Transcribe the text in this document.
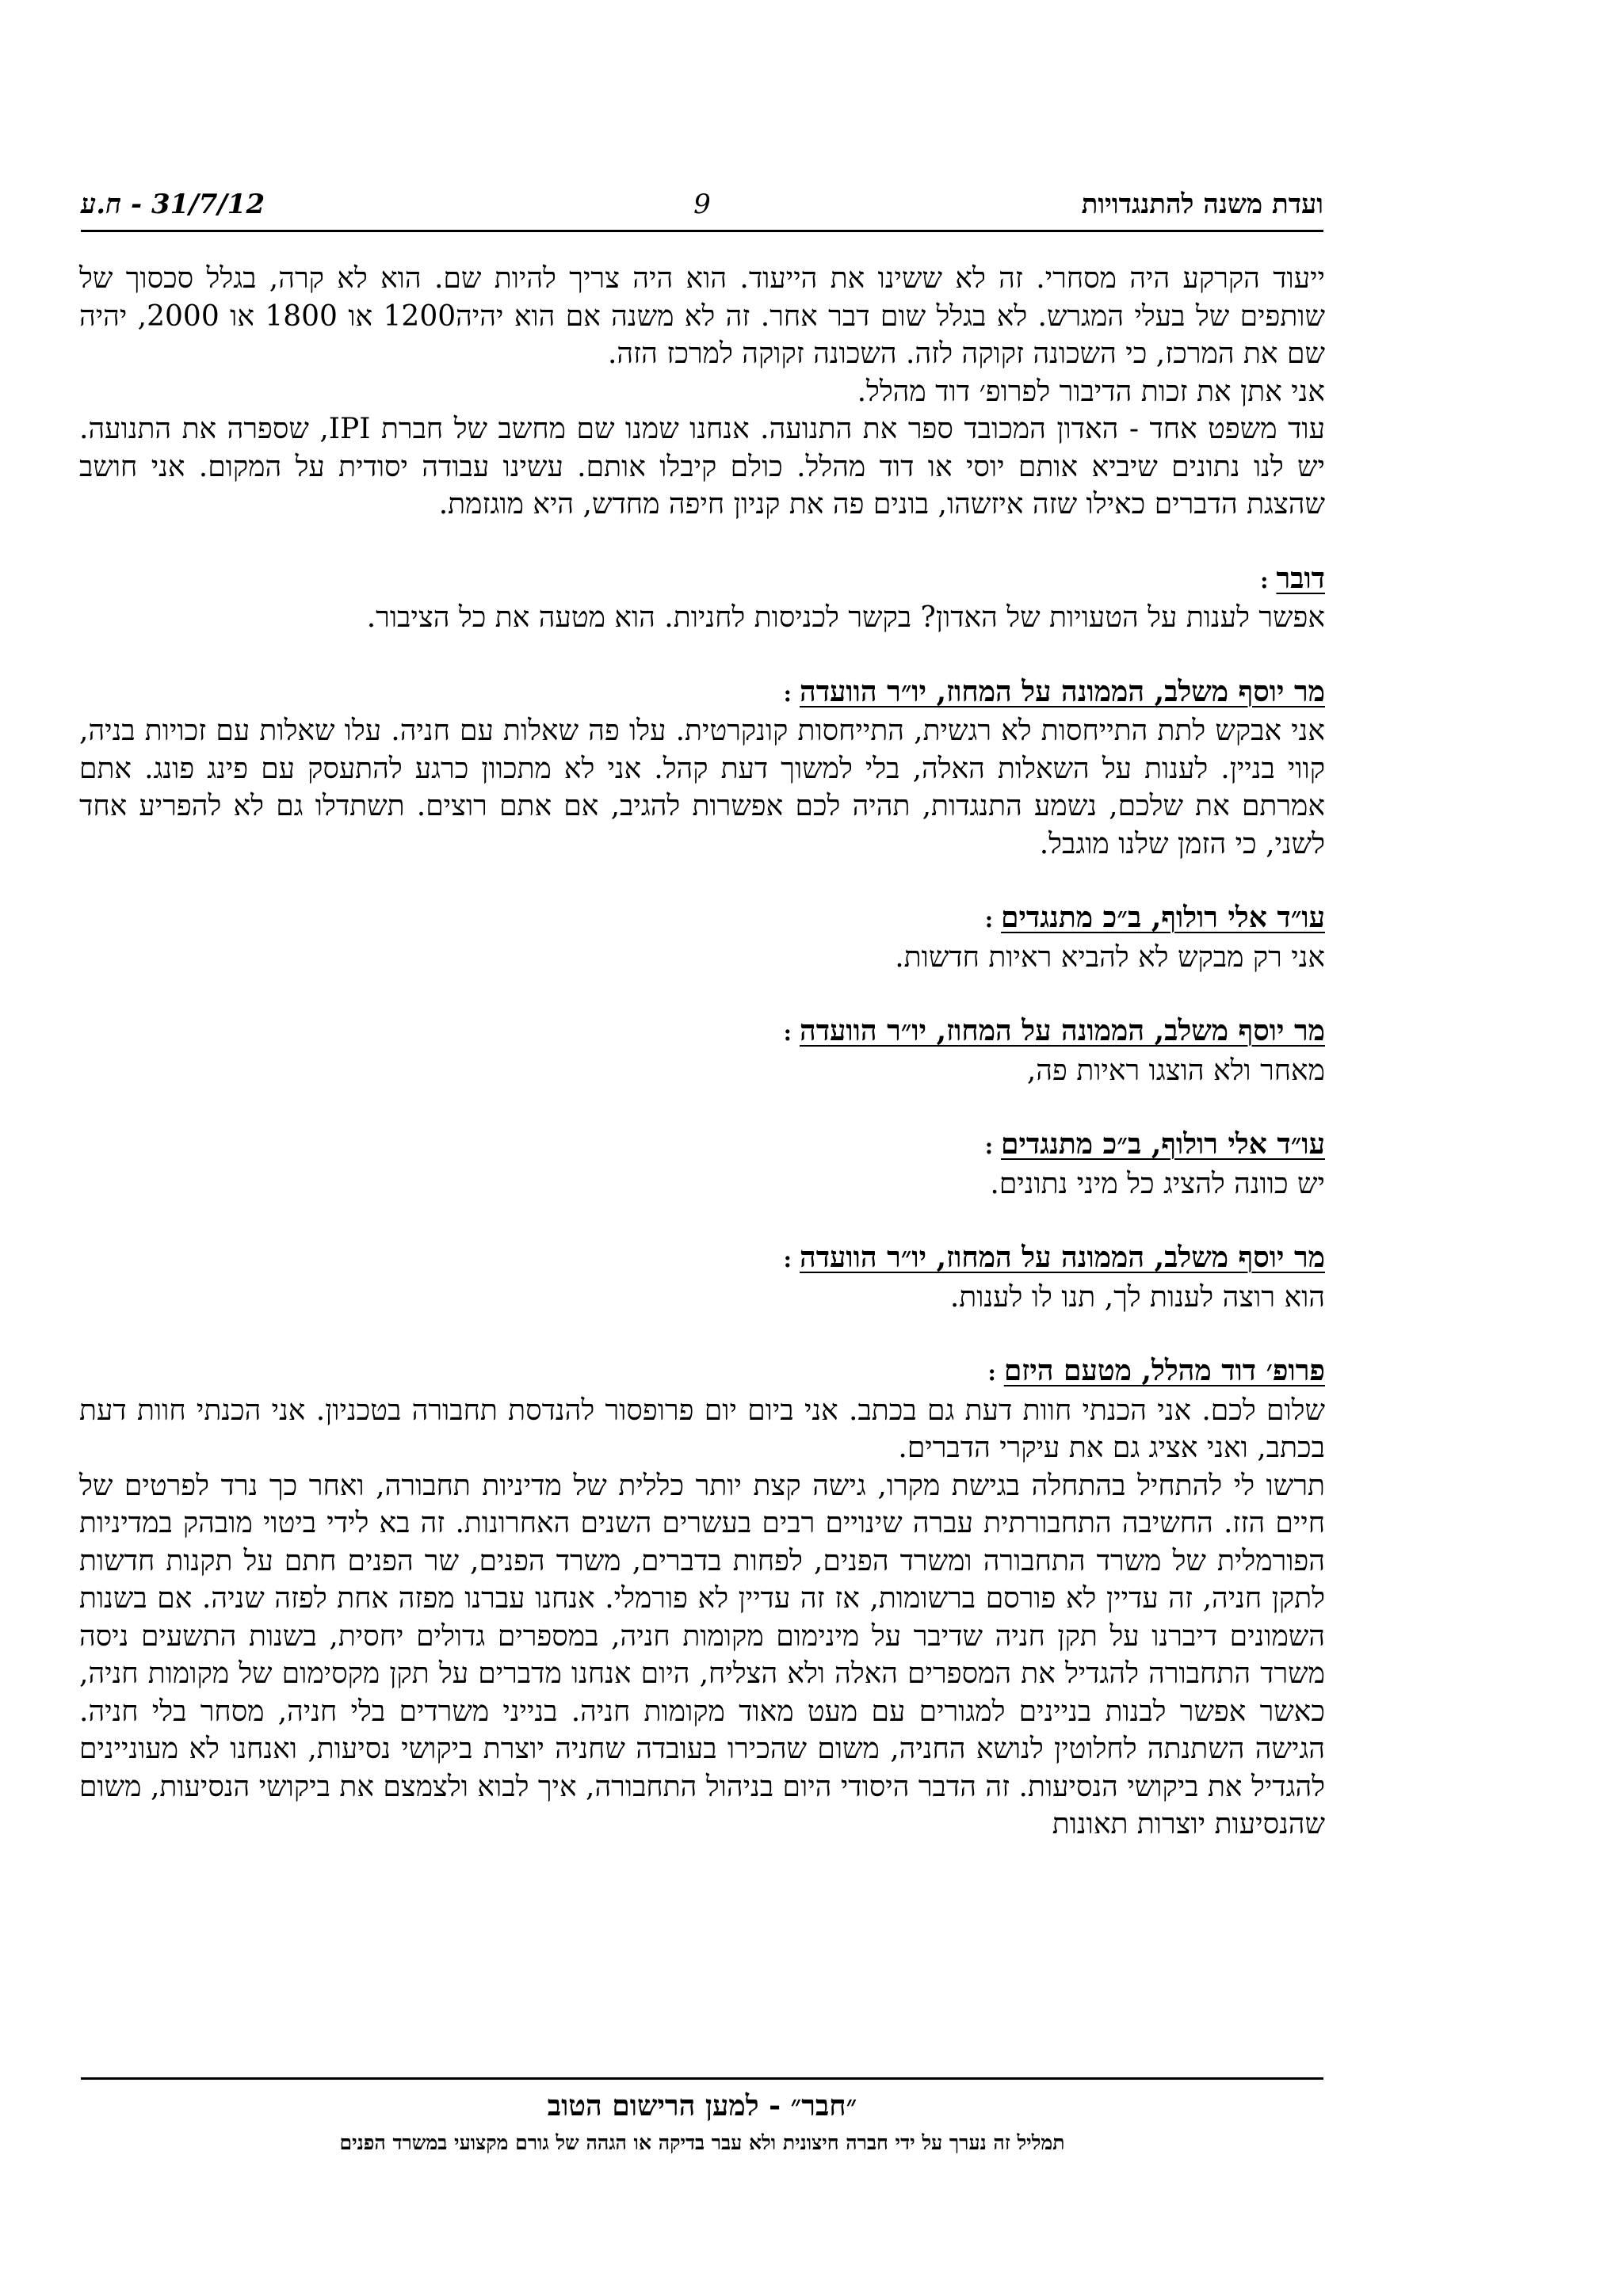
ועדת משנה להתנגדויות
9
31/7/12 - ח.ע

ייעוד הקרקע היה מסחרי. זה לא ששינו את הייעוד. הוא היה צריך להיות שם. הוא לא קרה, בגלל סכסוך של שותפים של בעלי המגרש. לא בגלל שום דבר אחר. זה לא משנה אם הוא יהיה1200 או 1800 או 2000, יהיה שם את המרכז, כי השכונה זקוקה לזה. השכונה זקוקה למרכז הזה.

אני אתן את זכות הדיבור לפרופ׳ דוד מהלל.

עוד משפט אחד - האדון המכובד ספר את התנועה. אנחנו שמנו שם מחשב של חברת IPI, שספרה את התנועה. יש לנו נתונים שיביא אותם יוסי או דוד מהלל. כולם קיבלו אותם. עשינו עבודה יסודית על המקום. אני חושב שהצגת הדברים כאילו שזה איזשהו, בונים פה את קניון חיפה מחדש, היא מוגזמת.

דובר:

אפשר לענות על הטעויות של האדון? בקשר לכניסות לחניות. הוא מטעה את כל הציבור.

מר יוסף משלב, הממונה על המחוז, יו״ר הוועדה:

אני אבקש לתת התייחסות לא רגשית, התייחסות קונקרטית. עלו פה שאלות עם חניה. עלו שאלות עם זכויות בניה, קווי בניין. לענות על השאלות האלה, בלי למשוך דעת קהל. אני לא מתכוון כרגע להתעסק עם פינג פונג. אתם אמרתם את שלכם, נשמע התנגדות, תהיה לכם אפשרות להגיב, אם אתם רוצים. תשתדלו גם לא להפריע אחד לשני, כי הזמן שלנו מוגבל.

עו״ד אלי רולוף, ב״כ מתנגדים:

אני רק מבקש לא להביא ראיות חדשות.

מר יוסף משלב, הממונה על המחוז, יו״ר הוועדה:

מאחר ולא הוצגו ראיות פה,

עו״ד אלי רולוף, ב״כ מתנגדים:

יש כוונה להציג כל מיני נתונים.

מר יוסף משלב, הממונה על המחוז, יו״ר הוועדה:

הוא רוצה לענות לך, תנו לו לענות.

פרופ׳ דוד מהלל, מטעם היזם:

שלום לכם. אני הכנתי חוות דעת גם בכתב. אני ביום יום פרופסור להנדסת תחבורה בטכניון. אני הכנתי חוות דעת בכתב, ואני אציג גם את עיקרי הדברים.

תרשו לי להתחיל בהתחלה בגישת מקרו, גישה קצת יותר כללית של מדיניות תחבורה, ואחר כך נרד לפרטים של חיים הזז. החשיבה התחבורתית עברה שינויים רבים בעשרים השנים האחרונות. זה בא לידי ביטוי מובהק במדיניות הפורמלית של משרד התחבורה ומשרד הפנים, לפחות בדברים, משרד הפנים, שר הפנים חתם על תקנות חדשות לתקן חניה, זה עדיין לא פורסם ברשומות, אז זה עדיין לא פורמלי. אנחנו עברנו מפזה אחת לפזה שניה. אם בשנות השמונים דיברנו על תקן חניה שדיבר על מינימום מקומות חניה, במספרים גדולים יחסית, בשנות התשעים ניסה משרד התחבורה להגדיל את המספרים האלה ולא הצליח, היום אנחנו מדברים על תקן מקסימום של מקומות חניה, כאשר אפשר לבנות בניינים למגורים עם מעט מאוד מקומות חניה. בנייני משרדים בלי חניה, מסחר בלי חניה. הגישה השתנתה לחלוטין לנושא החניה, משום שהכירו בעובדה שחניה יוצרת ביקושי נסיעות, ואנחנו לא מעוניינים להגדיל את ביקושי הנסיעות. זה הדבר היסודי היום בניהול התחבורה, איך לבוא ולצמצם את ביקושי הנסיעות, משום שהנסיעות יוצרות תאונות

״חבר״ - למען הרישום הטוב
תמליל זה נערך על ידי חברה חיצונית ולא עבר בדיקה או הגהה של גורם מקצועי במשרד הפנים
